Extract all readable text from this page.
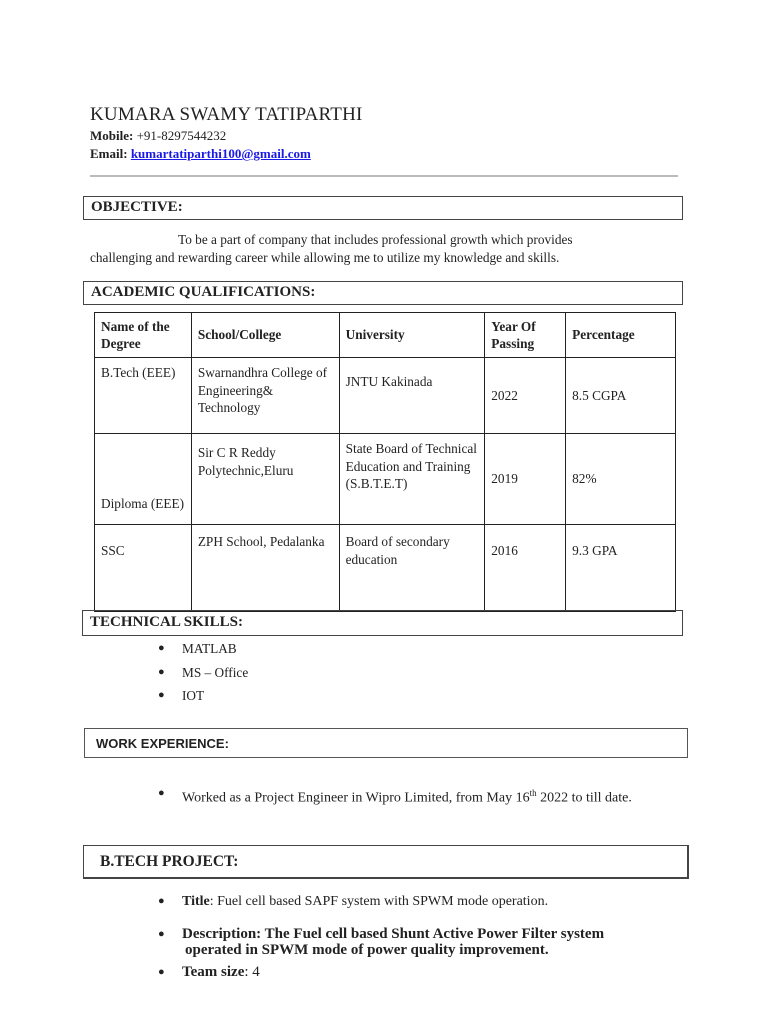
KUMARA SWAMY TATIPARTHI
Mobile: +91-8297544232
Email: kumartatiparthi100@gmail.com
OBJECTIVE:
To be a part of company that includes professional growth which provides
challenging and rewarding career while allowing me to utilize my knowledge and skills.
ACADEMIC QUALIFICATIONS:
Name of the Degree	School/College	University	Year Of Passing	Percentage
B.Tech (EEE)	Swarnandhra College of Engineering& Technology	JNTU Kakinada	2022	8.5 CGPA
Diploma (EEE)	Sir C R Reddy Polytechnic,Eluru	State Board of Technical Education and Training (S.B.T.E.T)	2019	82%
SSC	ZPH School, Pedalanka	Board of secondary education	2016	9.3 GPA
TECHNICAL SKILLS:
● MATLAB
● MS – Office
● IOT
WORK EXPERIENCE:
● Worked as a Project Engineer in Wipro Limited, from May 16th 2022 to till date.
B.TECH PROJECT:
● Title: Fuel cell based SAPF system with SPWM mode operation.
● Description: The Fuel cell based Shunt Active Power Filter system
operated in SPWM mode of power quality improvement.
● Team size: 4
